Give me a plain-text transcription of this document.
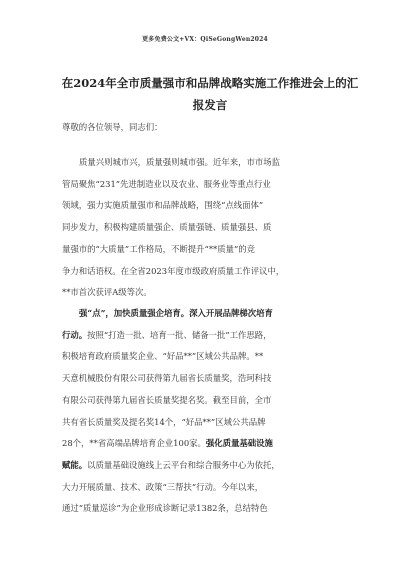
更多免费公文+VX：QiSeGongWen2024
在2024年全市质量强市和品牌战略实施工作推进会上的汇
报发言
尊敬的各位领导，同志们：
质量兴则城市兴，质量强则城市强。近年来，市市场监
管局聚焦“231”先进制造业以及农业、服务业等重点行业
领域，强力实施质量强市和品牌战略，围绕“点线面体”
同步发力，积极构建质量强企、质量强链、质量强县、质
量强市的“大质量”工作格局，不断提升“**质量”的竞
争力和话语权。在全省2023年度市级政府质量工作评议中，
**市首次获评A级等次。
强“点”，加快质量强企培育。深入开展品牌梯次培育
行动。按照“打造一批、培育一批、储备一批”工作思路，
积极培育政府质量奖企业、“好品**”区域公共品牌。**
天意机械股份有限公司获得第九届省长质量奖，浩珂科技
有限公司获得第九届省长质量奖提名奖。截至目前，全市
共有省长质量奖及提名奖14个，“好品**”区域公共品牌
28个，**省高端品牌培育企业100家。强化质量基础设施
赋能。以质量基础设施线上云平台和综合服务中心为依托，
大力开展质量、技术、政策“三帮扶”行动。今年以来，
通过“质量巡诊”为企业形成诊断记录1382条，总结特色
